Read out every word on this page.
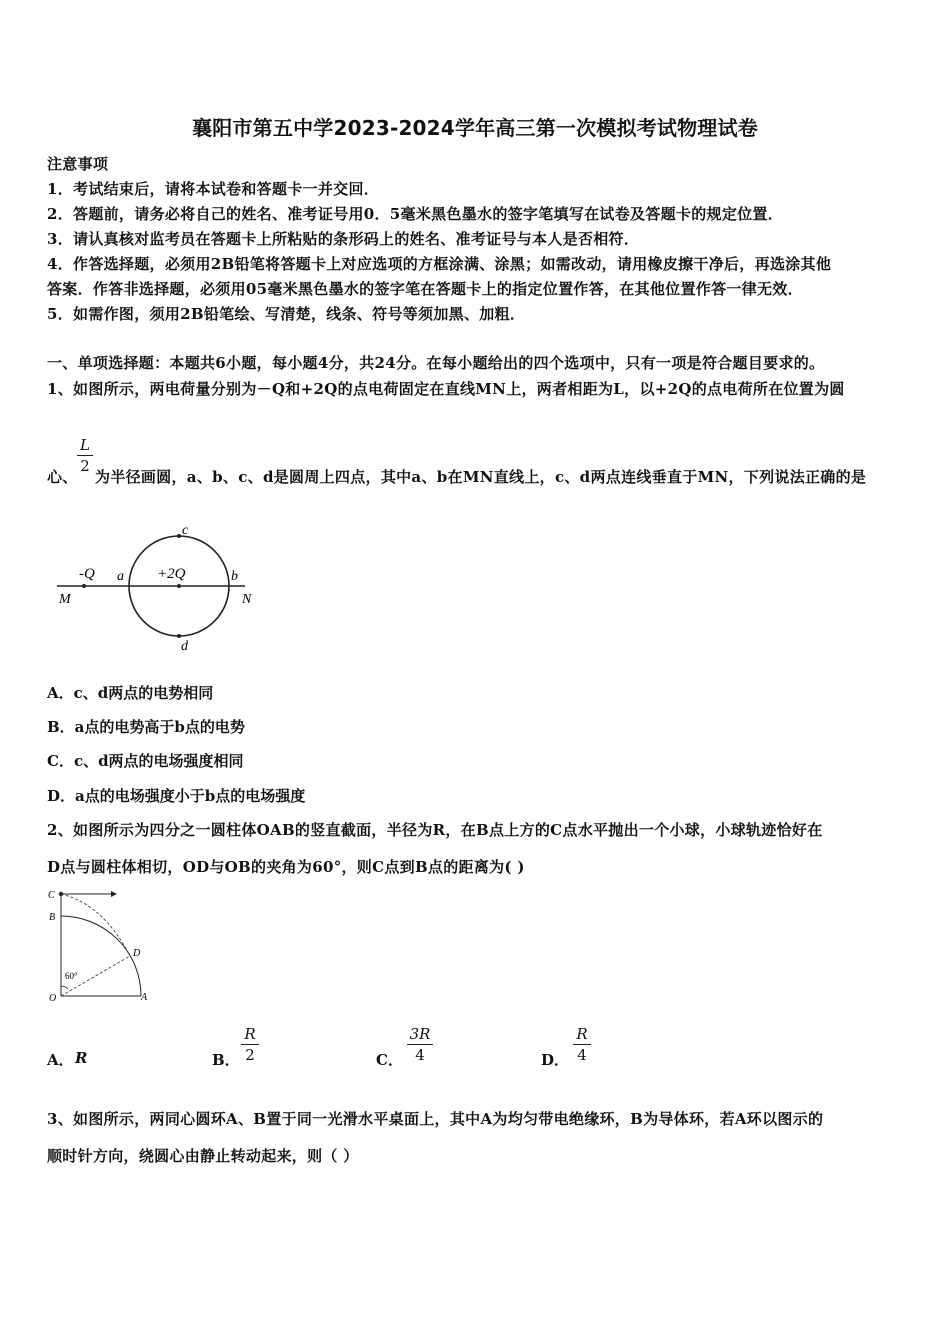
襄阳市第五中学2023-2024学年高三第一次模拟考试物理试卷
注意事项
1．考试结束后，请将本试卷和答题卡一并交回．
2．答题前，请务必将自己的姓名、准考证号用0．5毫米黑色墨水的签字笔填写在试卷及答题卡的规定位置．
3．请认真核对监考员在答题卡上所粘贴的条形码上的姓名、准考证号与本人是否相符．
4．作答选择题，必须用2B铅笔将答题卡上对应选项的方框涂满、涂黑；如需改动，请用橡皮擦干净后，再选涂其他
答案．作答非选择题，必须用05毫米黑色墨水的签字笔在答题卡上的指定位置作答，在其他位置作答一律无效．
5．如需作图，须用2B铅笔绘、写清楚，线条、符号等须加黑、加粗．
一、单项选择题：本题共6小题，每小题4分，共24分。在每小题给出的四个选项中，只有一项是符合题目要求的。
1、如图所示，两电荷量分别为－Q和+2Q的点电荷固定在直线MN上，两者相距为L，以+2Q的点电荷所在位置为圆
心、
L
2
为半径画圆，a、b、c、d是圆周上四点，其中a、b在MN直线上，c、d两点连线垂直于MN，下列说法正确的是
-Q	+2Q
a	b
c
d
M	N
A．c、d两点的电势相同
B．a点的电势高于b点的电势
C．c、d两点的电场强度相同
D．a点的电场强度小于b点的电场强度
2、如图所示为四分之一圆柱体OAB的竖直截面，半径为R，在B点上方的C点水平抛出一个小球，小球轨迹恰好在
D点与圆柱体相切，OD与OB的夹角为60°，则C点到B点的距离为( )
C
B
D
O	A
60°
A． R	B．
R
2	C．
3R
4	D．
R
4
3、如图所示，两同心圆环A、B置于同一光滑水平桌面上，其中A为均匀带电绝缘环，B为导体环，若A环以图示的
顺时针方向，绕圆心由静止转动起来，则（ ）
